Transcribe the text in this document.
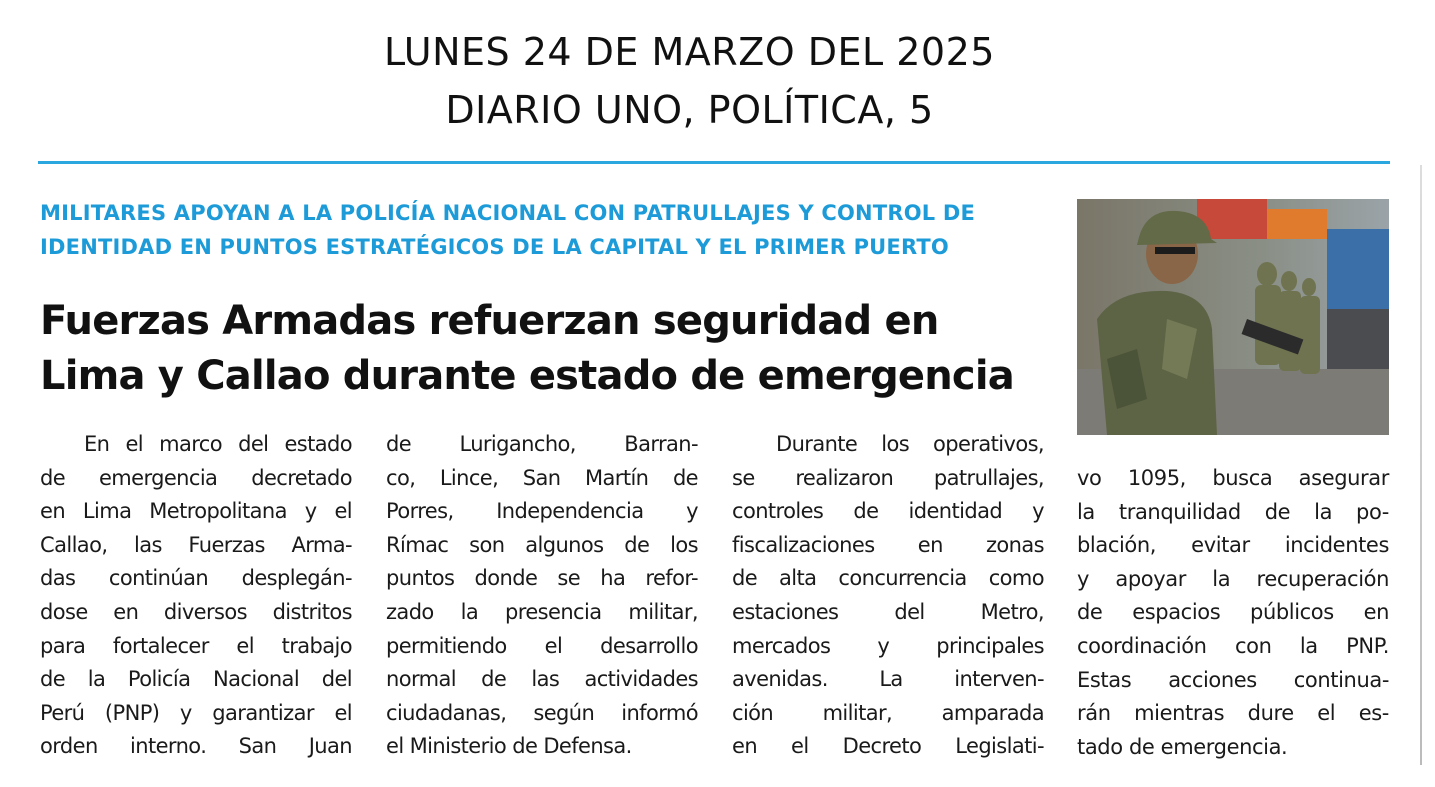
LUNES 24 DE MARZO DEL 2025
DIARIO UNO, POLÍTICA, 5
MILITARES APOYAN A LA POLICÍA NACIONAL CON PATRULLAJES Y CONTROL DE
IDENTIDAD EN PUNTOS ESTRATÉGICOS DE LA CAPITAL Y EL PRIMER PUERTO
Fuerzas Armadas refuerzan seguridad en
Lima y Callao durante estado de emergencia
En el marco del estado
de emergencia decretado
en Lima Metropolitana y el
Callao, las Fuerzas Arma-
das continúan desplegán-
dose en diversos distritos
para fortalecer el trabajo
de la Policía Nacional del
Perú (PNP) y garantizar el
orden interno. San Juan
de Lurigancho, Barran-
co, Lince, San Martín de
Porres, Independencia y
Rímac son algunos de los
puntos donde se ha refor-
zado la presencia militar,
permitiendo el desarrollo
normal de las actividades
ciudadanas, según informó
el Ministerio de Defensa.
Durante los operativos,
se realizaron patrullajes,
controles de identidad y
fiscalizaciones en zonas
de alta concurrencia como
estaciones del Metro,
mercados y principales
avenidas. La interven-
ción militar, amparada
en el Decreto Legislati-
vo 1095, busca asegurar
la tranquilidad de la po-
blación, evitar incidentes
y apoyar la recuperación
de espacios públicos en
coordinación con la PNP.
Estas acciones continua-
rán mientras dure el es-
tado de emergencia.
